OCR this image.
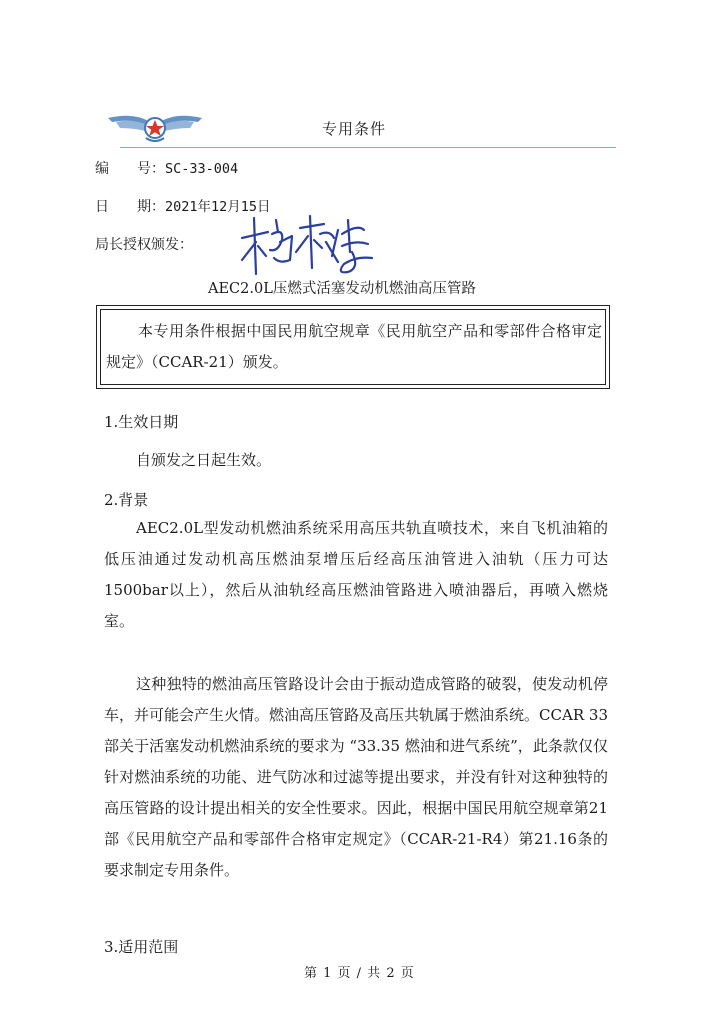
专用条件
编　　号：SC-33-004
日　　期：2021年12月15日
局长授权颁发：
AEC2.0L压燃式活塞发动机燃油高压管路
本专用条件根据中国民用航空规章《民用航空产品和零部件合格审定规定》（CCAR-21）颁发。
1.生效日期
自颁发之日起生效。
2.背景
AEC2.0L型发动机燃油系统采用高压共轨直喷技术，来自飞机油箱的低压油通过发动机高压燃油泵增压后经高压油管进入油轨（压力可达1500bar以上），然后从油轨经高压燃油管路进入喷油器后，再喷入燃烧室。
这种独特的燃油高压管路设计会由于振动造成管路的破裂，使发动机停车，并可能会产生火情。燃油高压管路及高压共轨属于燃油系统。CCAR 33 部关于活塞发动机燃油系统的要求为 “33.35 燃油和进气系统”，此条款仅仅针对燃油系统的功能、进气防冰和过滤等提出要求，并没有针对这种独特的高压管路的设计提出相关的安全性要求。因此，根据中国民用航空规章第21部《民用航空产品和零部件合格审定规定》（CCAR-21-R4）第21.16条的要求制定专用条件。
3.适用范围
第 1 页 / 共 2 页
